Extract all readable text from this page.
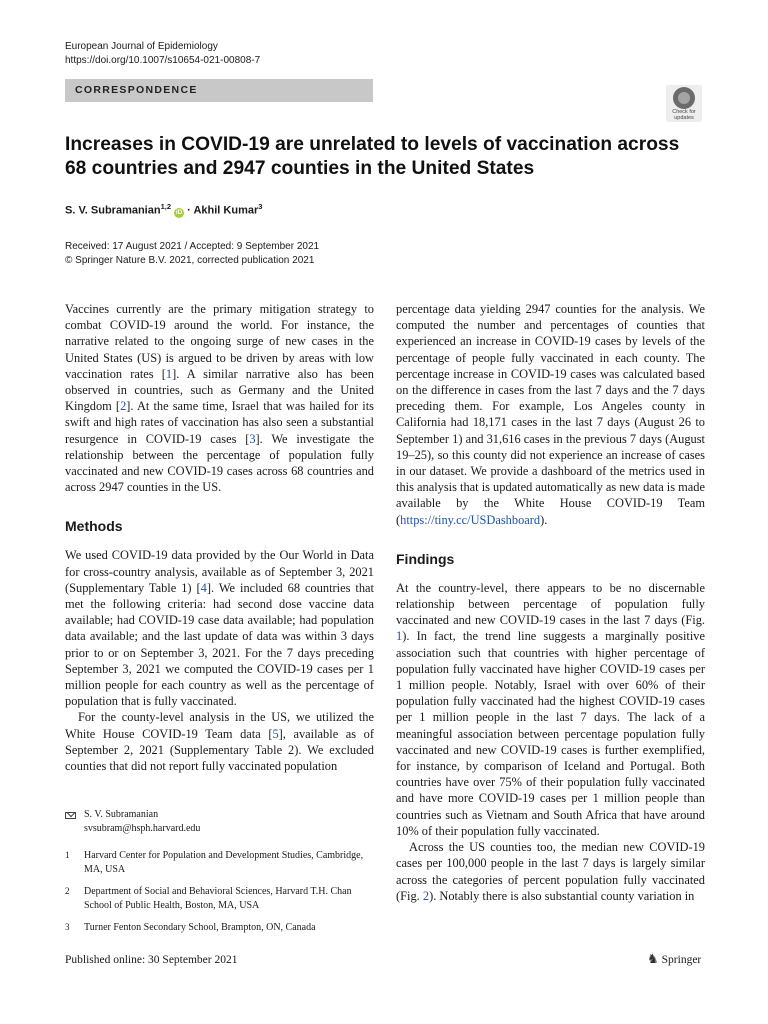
European Journal of Epidemiology
https://doi.org/10.1007/s10654-021-00808-7
CORRESPONDENCE
Check for
updates
Increases in COVID-19 are unrelated to levels of vaccination across 68 countries and 2947 counties in the United States
S. V. Subramanian$^{1,2}$ iD · Akhil Kumar$^3$
Received: 17 August 2021 / Accepted: 9 September 2021
© Springer Nature B.V. 2021, corrected publication 2021

Vaccines currently are the primary mitigation strategy to combat COVID-19 around the world. For instance, the narrative related to the ongoing surge of new cases in the United States (US) is argued to be driven by areas with low vaccination rates [1]. A similar narrative also has been observed in countries, such as Germany and the United Kingdom [2]. At the same time, Israel that was hailed for its swift and high rates of vaccination has also seen a substantial resurgence in COVID-19 cases [3]. We investigate the relationship between the percentage of population fully vaccinated and new COVID-19 cases across 68 countries and across 2947 counties in the US.

Methods

We used COVID-19 data provided by the Our World in Data for cross-country analysis, available as of September 3, 2021 (Supplementary Table 1) [4]. We included 68 countries that met the following criteria: had second dose vaccine data available; had COVID-19 case data available; had population data available; and the last update of data was within 3 days prior to or on September 3, 2021. For the 7 days preceding September 3, 2021 we computed the COVID-19 cases per 1 million people for each country as well as the percentage of population that is fully vaccinated.

For the county-level analysis in the US, we utilized the White House COVID-19 Team data [5], available as of September 2, 2021 (Supplementary Table 2). We excluded counties that did not report fully vaccinated population

percentage data yielding 2947 counties for the analysis. We computed the number and percentages of counties that experienced an increase in COVID-19 cases by levels of the percentage of people fully vaccinated in each county. The percentage increase in COVID-19 cases was calculated based on the difference in cases from the last 7 days and the 7 days preceding them. For example, Los Angeles county in California had 18,171 cases in the last 7 days (August 26 to September 1) and 31,616 cases in the previous 7 days (August 19–25), so this county did not experience an increase of cases in our dataset. We provide a dashboard of the metrics used in this analysis that is updated automatically as new data is made available by the White House COVID-19 Team (https://tiny.cc/USDashboard).

Findings

At the country-level, there appears to be no discernable relationship between percentage of population fully vaccinated and new COVID-19 cases in the last 7 days (Fig. 1). In fact, the trend line suggests a marginally positive association such that countries with higher percentage of population fully vaccinated have higher COVID-19 cases per 1 million people. Notably, Israel with over 60% of their population fully vaccinated had the highest COVID-19 cases per 1 million people in the last 7 days. The lack of a meaningful association between percentage population fully vaccinated and new COVID-19 cases is further exemplified, for instance, by comparison of Iceland and Portugal. Both countries have over 75% of their population fully vaccinated and have more COVID-19 cases per 1 million people than countries such as Vietnam and South Africa that have around 10% of their population fully vaccinated.

Across the US counties too, the median new COVID-19 cases per 100,000 people in the last 7 days is largely similar across the categories of percent population fully vaccinated (Fig. 2). Notably there is also substantial county variation in

S. V. Subramanian
svsubram@hsph.harvard.edu
1 Harvard Center for Population and Development Studies, Cambridge, MA, USA
2 Department of Social and Behavioral Sciences, Harvard T.H. Chan School of Public Health, Boston, MA, USA
3 Turner Fenton Secondary School, Brampton, ON, Canada
Published online: 30 September 2021	♞ Springer
